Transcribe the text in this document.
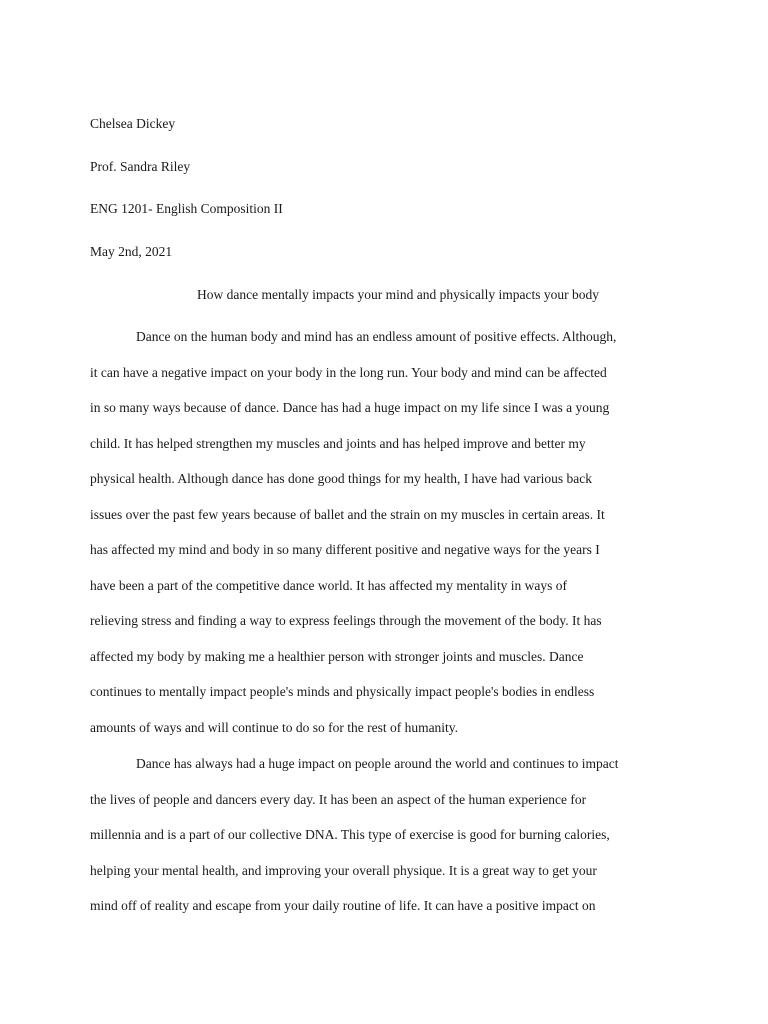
Chelsea Dickey
Prof. Sandra Riley
ENG 1201- English Composition II
May 2nd, 2021
How dance mentally impacts your mind and physically impacts your body

Dance on the human body and mind has an endless amount of positive effects. Although,
it can have a negative impact on your body in the long run. Your body and mind can be affected
in so many ways because of dance. Dance has had a huge impact on my life since I was a young
child. It has helped strengthen my muscles and joints and has helped improve and better my
physical health. Although dance has done good things for my health, I have had various back
issues over the past few years because of ballet and the strain on my muscles in certain areas. It
has affected my mind and body in so many different positive and negative ways for the years I
have been a part of the competitive dance world. It has affected my mentality in ways of
relieving stress and finding a way to express feelings through the movement of the body. It has
affected my body by making me a healthier person with stronger joints and muscles. Dance
continues to mentally impact people's minds and physically impact people's bodies in endless
amounts of ways and will continue to do so for the rest of humanity.

Dance has always had a huge impact on people around the world and continues to impact
the lives of people and dancers every day. It has been an aspect of the human experience for
millennia and is a part of our collective DNA. This type of exercise is good for burning calories,
helping your mental health, and improving your overall physique. It is a great way to get your
mind off of reality and escape from your daily routine of life. It can have a positive impact on
